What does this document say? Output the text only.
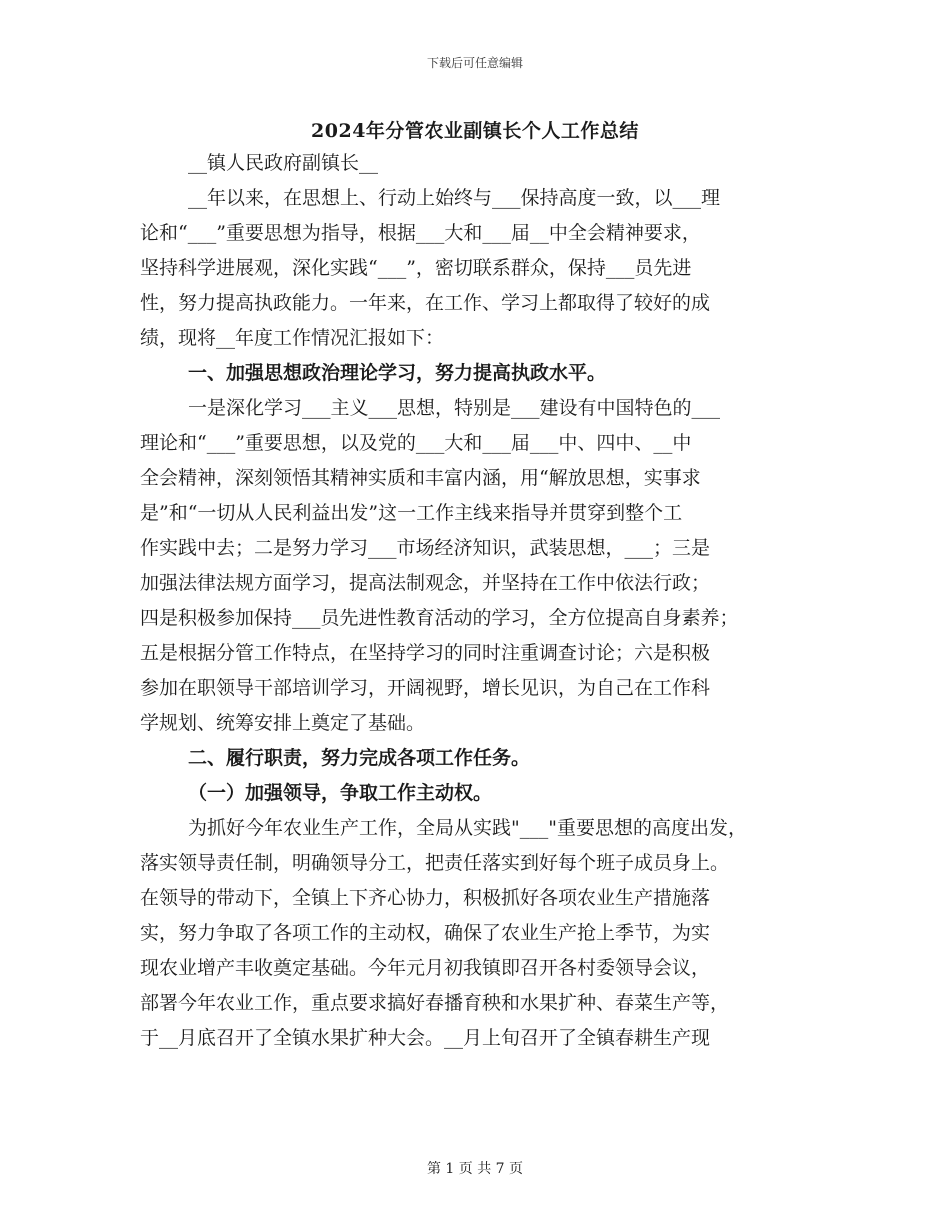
下载后可任意编辑
2024年分管农业副镇长个人工作总结
__镇人民政府副镇长__
__年以来，在思想上、行动上始终与___保持高度一致，以___理
论和“___”重要思想为指导，根据___大和___届__中全会精神要求，
坚持科学进展观，深化实践“___”，密切联系群众，保持___员先进
性，努力提高执政能力。一年来，在工作、学习上都取得了较好的成
绩，现将__年度工作情况汇报如下：
一、加强思想政治理论学习，努力提高执政水平。
一是深化学习___主义___思想，特别是___建设有中国特色的___
理论和“___”重要思想，以及党的___大和___届___中、四中、__中
全会精神，深刻领悟其精神实质和丰富内涵，用“解放思想，实事求
是”和“一切从人民利益出发”这一工作主线来指导并贯穿到整个工
作实践中去；二是努力学习___市场经济知识，武装思想，___；三是
加强法律法规方面学习，提高法制观念，并坚持在工作中依法行政；
四是积极参加保持___员先进性教育活动的学习，全方位提高自身素养；
五是根据分管工作特点，在坚持学习的同时注重调查讨论；六是积极
参加在职领导干部培训学习，开阔视野，增长见识，为自己在工作科
学规划、统筹安排上奠定了基础。
二、履行职责，努力完成各项工作任务。
（一）加强领导，争取工作主动权。
为抓好今年农业生产工作，全局从实践"___"重要思想的高度出发，
落实领导责任制，明确领导分工，把责任落实到好每个班子成员身上。
在领导的带动下，全镇上下齐心协力，积极抓好各项农业生产措施落
实，努力争取了各项工作的主动权，确保了农业生产抢上季节，为实
现农业增产丰收奠定基础。今年元月初我镇即召开各村委领导会议，
部署今年农业工作，重点要求搞好春播育秧和水果扩种、春菜生产等，
于__月底召开了全镇水果扩种大会。__月上旬召开了全镇春耕生产现
第 1 页 共 7 页
